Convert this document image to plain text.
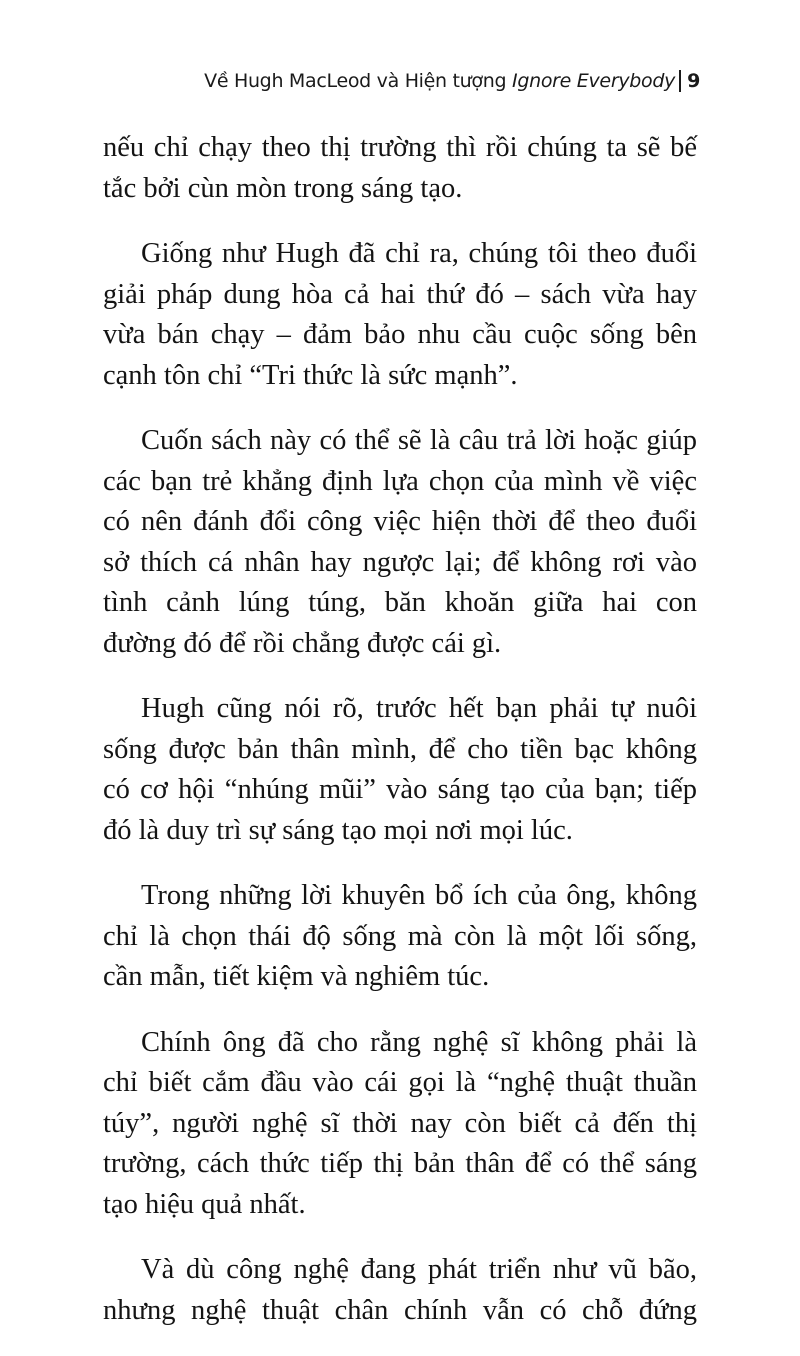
Về Hugh MacLeod và Hiện tượng
Ignore Everybody 9
nếu chỉ chạy theo thị trường thì rồi chúng ta sẽ bế
tắc bởi cùn mòn trong sáng tạo.
Giống như Hugh đã chỉ ra, chúng tôi theo đuổi
giải pháp dung hòa cả hai thứ đó – sách vừa hay
vừa bán chạy – đảm bảo nhu cầu cuộc sống bên
cạnh tôn chỉ “Tri thức là sức mạnh”.
Cuốn sách này có thể sẽ là câu trả lời hoặc giúp
các bạn trẻ khẳng định lựa chọn của mình về việc
có nên đánh đổi công việc hiện thời để theo đuổi
sở thích cá nhân hay ngược lại; để không rơi vào
tình cảnh lúng túng, băn khoăn giữa hai con
đường đó để rồi chẳng được cái gì.
Hugh cũng nói rõ, trước hết bạn phải tự nuôi
sống được bản thân mình, để cho tiền bạc không
có cơ hội “nhúng mũi” vào sáng tạo của bạn; tiếp
đó là duy trì sự sáng tạo mọi nơi mọi lúc.
Trong những lời khuyên bổ ích của ông, không
chỉ là chọn thái độ sống mà còn là một lối sống,
cần mẫn, tiết kiệm và nghiêm túc.
Chính ông đã cho rằng nghệ sĩ không phải là
chỉ biết cắm đầu vào cái gọi là “nghệ thuật thuần
túy”, người nghệ sĩ thời nay còn biết cả đến thị
trường, cách thức tiếp thị bản thân để có thể sáng
tạo hiệu quả nhất.
Và dù công nghệ đang phát triển như vũ bão,
nhưng nghệ thuật chân chính vẫn có chỗ đứng
